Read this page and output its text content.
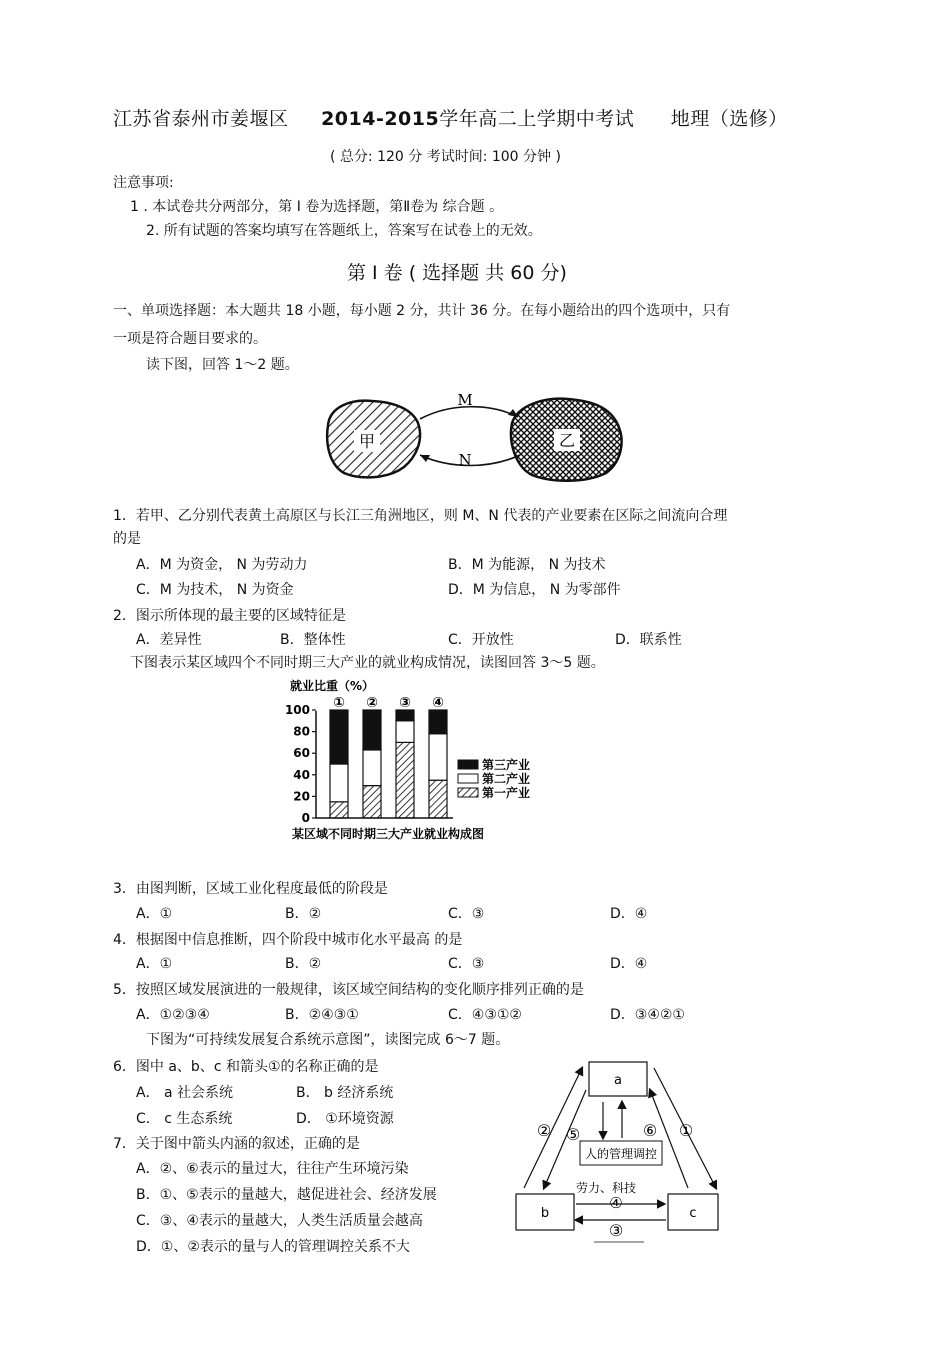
江苏省泰州市姜堰区 2014-2015学年高二上学期中考试 地理（选修）
( 总分: 120 分 考试时间: 100 分钟 )
注意事项:
1 . 本试卷共分两部分，第 I 卷为选择题，第Ⅱ卷为 综合题 。
2. 所有试题的答案均填写在答题纸上，答案写在试卷上的无效。
第 I 卷 ( 选择题 共 60 分)
一、单项选择题：本大题共 18 小题，每小题 2 分，共计 36 分。在每小题给出的四个选项中，只有
一项是符合题目要求的。
读下图，回答 1～2 题。
甲	乙
M
N
1．若甲、乙分别代表黄土高原区与长江三角洲地区，则 M、N 代表的产业要素在区际之间流向合理
的是
A．M 为资金， N 为劳动力	B．M 为能源， N 为技术
C．M 为技术， N 为资金	D．M 为信息， N 为零部件
2．图示所体现的最主要的区域特征是
A．差异性	B．整体性	C．开放性	D．联系性
下图表示某区域四个不同时期三大产业的就业构成情况，读图回答 3～5 题。
就业比重（%）
0
20
40
60
80
100 ① ② ③ ④
第三产业
第二产业
第一产业
某区域不同时期三大产业就业构成图
3．由图判断，区域工业化程度最低的阶段是
A．①	B．②	C．③	D．④
4．根据图中信息推断，四个阶段中城市化水平最高 的是
A．①	B．②	C．③	D．④
5．按照区域发展演进的一般规律，该区域空间结构的变化顺序排列正确的是
A．①②③④	B．②④③①	C．④③①②	D．③④②①
下图为“可持续发展复合系统示意图”，读图完成 6～7 题。
6．图中 a、b、c 和箭头①的名称正确的是
A． a 社会系统	B． b 经济系统
C． c 生态系统	D． ①环境资源
7．关于图中箭头内涵的叙述，正确的是
A．②、⑥表示的量过大，往往产生环境污染
B．①、⑤表示的量越大，越促进社会、经济发展
C．③、④表示的量越大，人类生活质量会越高
D．①、②表示的量与人的管理调控关系不大
a
b	c
人的管理调控
劳力、科技
② ⑤	⑥ ①
④
③
